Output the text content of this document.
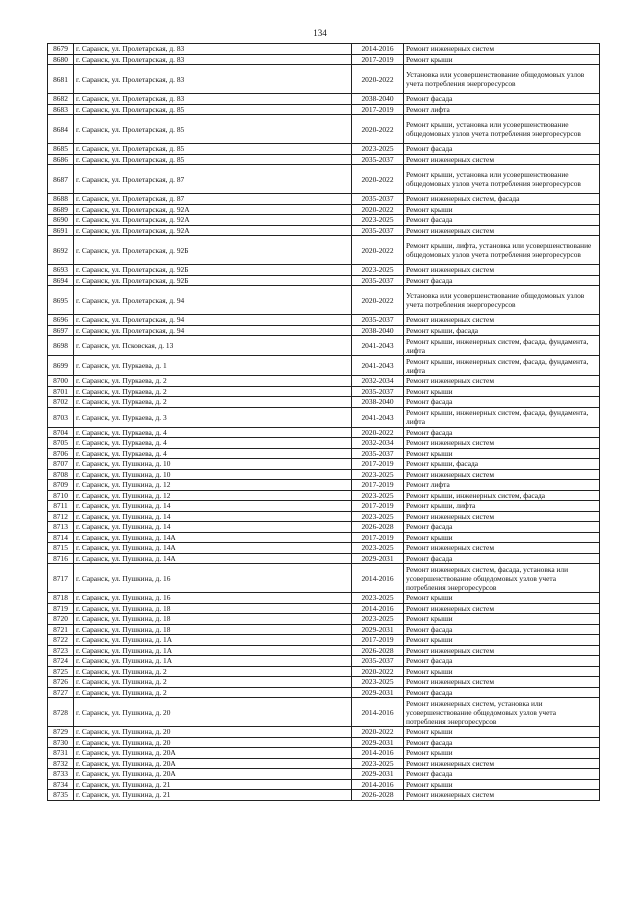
134
8679	г. Саранск, ул. Пролетарская, д. 83	2014-2016	Ремонт инженерных систем
8680	г. Саранск, ул. Пролетарская, д. 83	2017-2019	Ремонт крыши
8681	г. Саранск, ул. Пролетарская, д. 83	2020-2022	Установка или усовершенствование общедомовых узлов учета потребления энергоресурсов
8682	г. Саранск, ул. Пролетарская, д. 83	2038-2040	Ремонт фасада
8683	г. Саранск, ул. Пролетарская, д. 85	2017-2019	Ремонт лифта
8684	г. Саранск, ул. Пролетарская, д. 85	2020-2022	Ремонт крыши, установка или усовершенствование общедомовых узлов учета потребления энергоресурсов
8685	г. Саранск, ул. Пролетарская, д. 85	2023-2025	Ремонт фасада
8686	г. Саранск, ул. Пролетарская, д. 85	2035-2037	Ремонт инженерных систем
8687	г. Саранск, ул. Пролетарская, д. 87	2020-2022	Ремонт крыши, установка или усовершенствование общедомовых узлов учета потребления энергоресурсов
8688	г. Саранск, ул. Пролетарская, д. 87	2035-2037	Ремонт инженерных систем, фасада
8689	г. Саранск, ул. Пролетарская, д. 92А	2020-2022	Ремонт крыши
8690	г. Саранск, ул. Пролетарская, д. 92А	2023-2025	Ремонт фасада
8691	г. Саранск, ул. Пролетарская, д. 92А	2035-2037	Ремонт инженерных систем
8692	г. Саранск, ул. Пролетарская, д. 92Б	2020-2022	Ремонт крыши, лифта, установка или усовершенствование общедомовых узлов учета потребления энергоресурсов
8693	г. Саранск, ул. Пролетарская, д. 92Б	2023-2025	Ремонт инженерных систем
8694	г. Саранск, ул. Пролетарская, д. 92Б	2035-2037	Ремонт фасада
8695	г. Саранск, ул. Пролетарская, д. 94	2020-2022	Установка или усовершенствование общедомовых узлов учета потребления энергоресурсов
8696	г. Саранск, ул. Пролетарская, д. 94	2035-2037	Ремонт инженерных систем
8697	г. Саранск, ул. Пролетарская, д. 94	2038-2040	Ремонт крыши, фасада
8698	г. Саранск, ул. Псковская, д. 13	2041-2043	Ремонт крыши, инженерных систем, фасада, фундамента, лифта
8699	г. Саранск, ул. Пуркаева, д. 1	2041-2043	Ремонт крыши, инженерных систем, фасада, фундамента, лифта
8700	г. Саранск, ул. Пуркаева, д. 2	2032-2034	Ремонт инженерных систем
8701	г. Саранск, ул. Пуркаева, д. 2	2035-2037	Ремонт крыши
8702	г. Саранск, ул. Пуркаева, д. 2	2038-2040	Ремонт фасада
8703	г. Саранск, ул. Пуркаева, д. 3	2041-2043	Ремонт крыши, инженерных систем, фасада, фундамента, лифта
8704	г. Саранск, ул. Пуркаева, д. 4	2020-2022	Ремонт фасада
8705	г. Саранск, ул. Пуркаева, д. 4	2032-2034	Ремонт инженерных систем
8706	г. Саранск, ул. Пуркаева, д. 4	2035-2037	Ремонт крыши
8707	г. Саранск, ул. Пушкина, д. 10	2017-2019	Ремонт крыши, фасада
8708	г. Саранск, ул. Пушкина, д. 10	2023-2025	Ремонт инженерных систем
8709	г. Саранск, ул. Пушкина, д. 12	2017-2019	Ремонт лифта
8710	г. Саранск, ул. Пушкина, д. 12	2023-2025	Ремонт крыши, инженерных систем, фасада
8711	г. Саранск, ул. Пушкина, д. 14	2017-2019	Ремонт крыши, лифта
8712	г. Саранск, ул. Пушкина, д. 14	2023-2025	Ремонт инженерных систем
8713	г. Саранск, ул. Пушкина, д. 14	2026-2028	Ремонт фасада
8714	г. Саранск, ул. Пушкина, д. 14А	2017-2019	Ремонт крыши
8715	г. Саранск, ул. Пушкина, д. 14А	2023-2025	Ремонт инженерных систем
8716	г. Саранск, ул. Пушкина, д. 14А	2029-2031	Ремонт фасада
8717	г. Саранск, ул. Пушкина, д. 16	2014-2016	Ремонт инженерных систем, фасада, установка или усовершенствование общедомовых узлов учета потребления энергоресурсов
8718	г. Саранск, ул. Пушкина, д. 16	2023-2025	Ремонт крыши
8719	г. Саранск, ул. Пушкина, д. 18	2014-2016	Ремонт инженерных систем
8720	г. Саранск, ул. Пушкина, д. 18	2023-2025	Ремонт крыши
8721	г. Саранск, ул. Пушкина, д. 18	2029-2031	Ремонт фасада
8722	г. Саранск, ул. Пушкина, д. 1А	2017-2019	Ремонт крыши
8723	г. Саранск, ул. Пушкина, д. 1А	2026-2028	Ремонт инженерных систем
8724	г. Саранск, ул. Пушкина, д. 1А	2035-2037	Ремонт фасада
8725	г. Саранск, ул. Пушкина, д. 2	2020-2022	Ремонт крыши
8726	г. Саранск, ул. Пушкина, д. 2	2023-2025	Ремонт инженерных систем
8727	г. Саранск, ул. Пушкина, д. 2	2029-2031	Ремонт фасада
8728	г. Саранск, ул. Пушкина, д. 20	2014-2016	Ремонт инженерных систем, установка или усовершенствование общедомовых узлов учета потребления энергоресурсов
8729	г. Саранск, ул. Пушкина, д. 20	2020-2022	Ремонт крыши
8730	г. Саранск, ул. Пушкина, д. 20	2029-2031	Ремонт фасада
8731	г. Саранск, ул. Пушкина, д. 20А	2014-2016	Ремонт крыши
8732	г. Саранск, ул. Пушкина, д. 20А	2023-2025	Ремонт инженерных систем
8733	г. Саранск, ул. Пушкина, д. 20А	2029-2031	Ремонт фасада
8734	г. Саранск, ул. Пушкина, д. 21	2014-2016	Ремонт крыши
8735	г. Саранск, ул. Пушкина, д. 21	2026-2028	Ремонт инженерных систем
